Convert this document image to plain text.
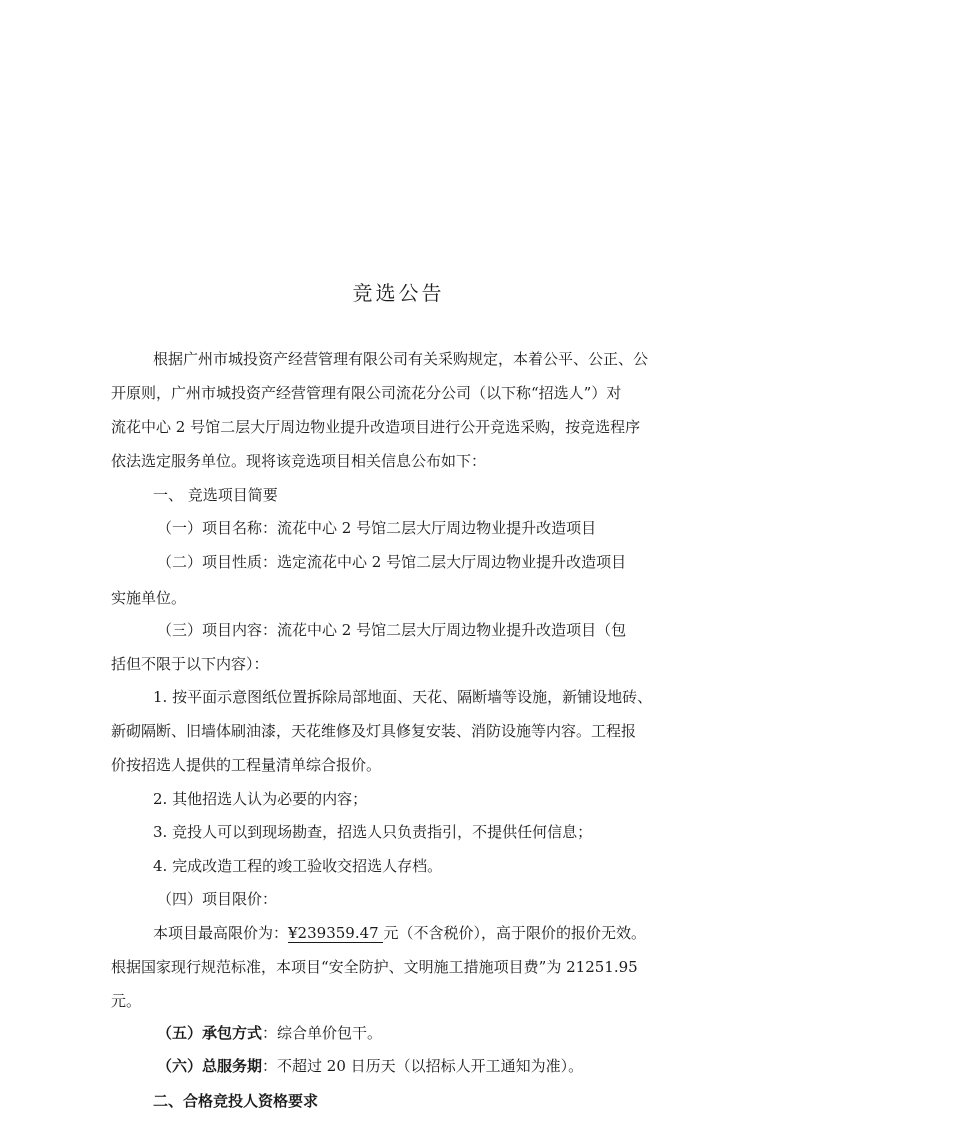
竞选公告
根据广州市城投资产经营管理有限公司有关采购规定，本着公平、公正、公
开原则，广州市城投资产经营管理有限公司流花分公司（以下称“招选人”）对
流花中心 2 号馆二层大厅周边物业提升改造项目进行公开竞选采购，按竞选程序
依法选定服务单位。现将该竞选项目相关信息公布如下：
一、 竞选项目简要
（一）项目名称：流花中心 2 号馆二层大厅周边物业提升改造项目
（二）项目性质：选定流花中心 2 号馆二层大厅周边物业提升改造项目
实施单位。
（三）项目内容：流花中心 2 号馆二层大厅周边物业提升改造项目（包
括但不限于以下内容）：
1. 按平面示意图纸位置拆除局部地面、天花、隔断墙等设施，新铺设地砖、
新砌隔断、旧墙体刷油漆，天花维修及灯具修复安装、消防设施等内容。工程报
价按招选人提供的工程量清单综合报价。
2. 其他招选人认为必要的内容；
3. 竞投人可以到现场勘查，招选人只负责指引，不提供任何信息；
4. 完成改造工程的竣工验收交招选人存档。
（四）项目限价：
本项目最高限价为：¥239359.47 元（不含税价），高于限价的报价无效。
根据国家现行规范标准，本项目“安全防护、文明施工措施项目费”为 21251.95
元。
（五）承包方式：综合单价包干。
（六）总服务期：不超过 20 日历天（以招标人开工通知为准）。
二、合格竞投人资格要求
